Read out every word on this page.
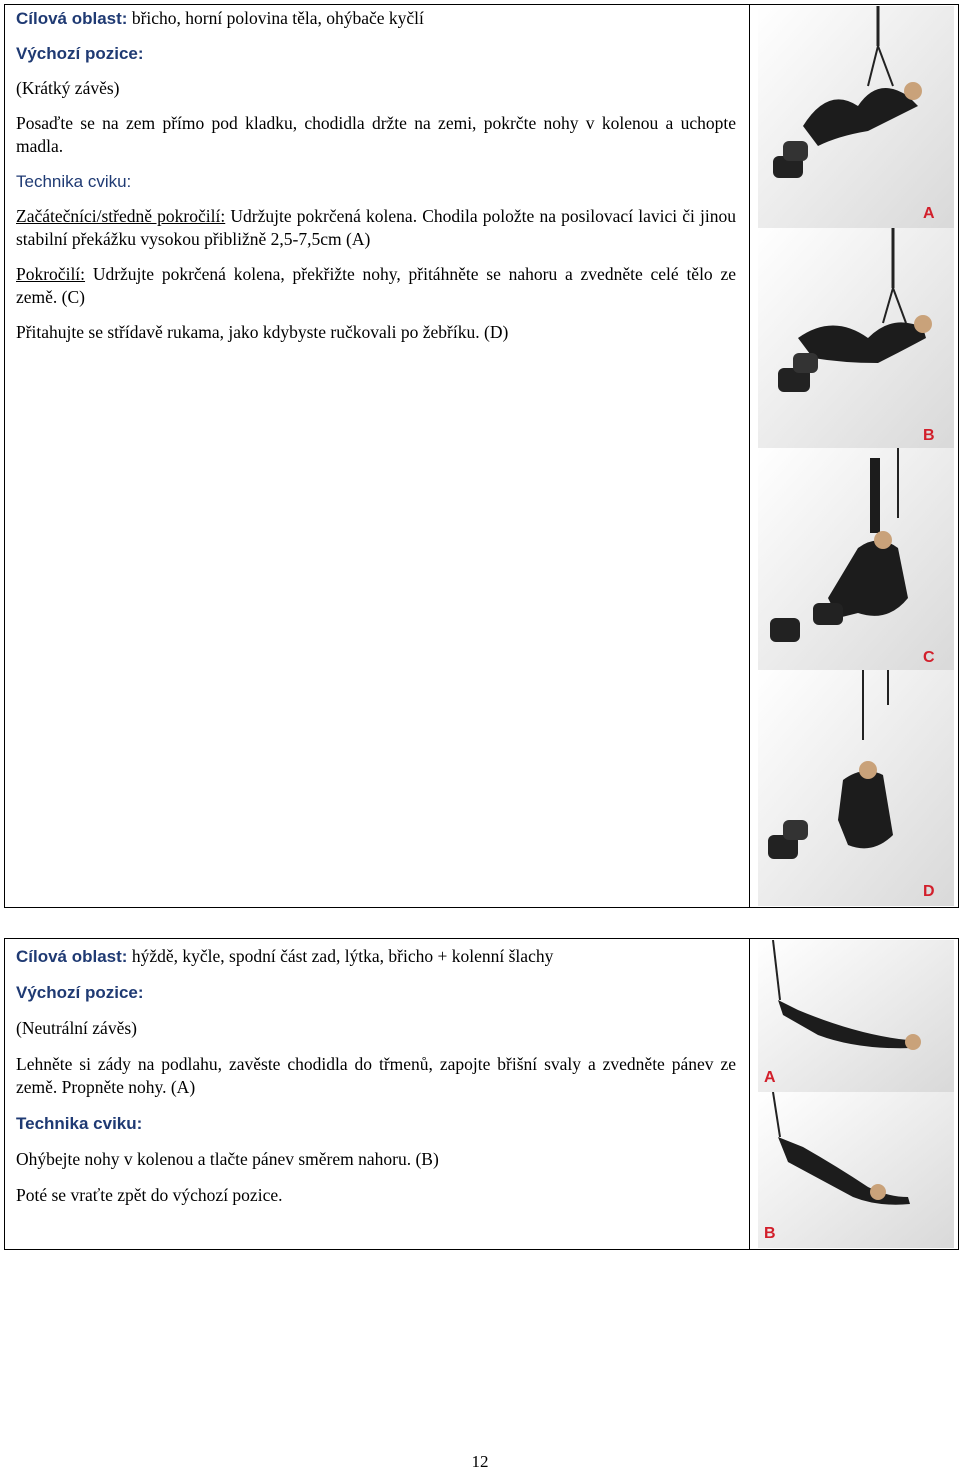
Cílová oblast: břicho, horní polovina těla, ohýbače kyčlí

Výchozí pozice:

(Krátký závěs)

Posaďte se na zem přímo pod kladku, chodidla držte na zemi, pokrčte nohy v kolenou a uchopte madla.

Technika cviku:

Začátečníci/středně pokročilí: Udržujte pokrčená kolena. Chodila položte na posilovací lavici či jinou stabilní překážku vysokou přibližně 2,5-7,5cm (A)

Pokročilí: Udržujte pokrčená kolena, překřižte nohy, přitáhněte se nahoru a zvedněte celé tělo ze země. (C)

Přitahujte se střídavě rukama, jako kdybyste ručkovali po žebříku. (D)

A
B
C
D

Cílová oblast: hýždě, kyčle, spodní část zad, lýtka, břicho + kolenní šlachy

Výchozí pozice:

(Neutrální závěs)

Lehněte si zády na podlahu, zavěste chodidla do třmenů, zapojte břišní svaly a zvedněte pánev ze země. Propněte nohy. (A)

Technika cviku:

Ohýbejte nohy v kolenou a tlačte pánev směrem nahoru. (B)

Poté se vraťte zpět do výchozí pozice.

A
B
12
